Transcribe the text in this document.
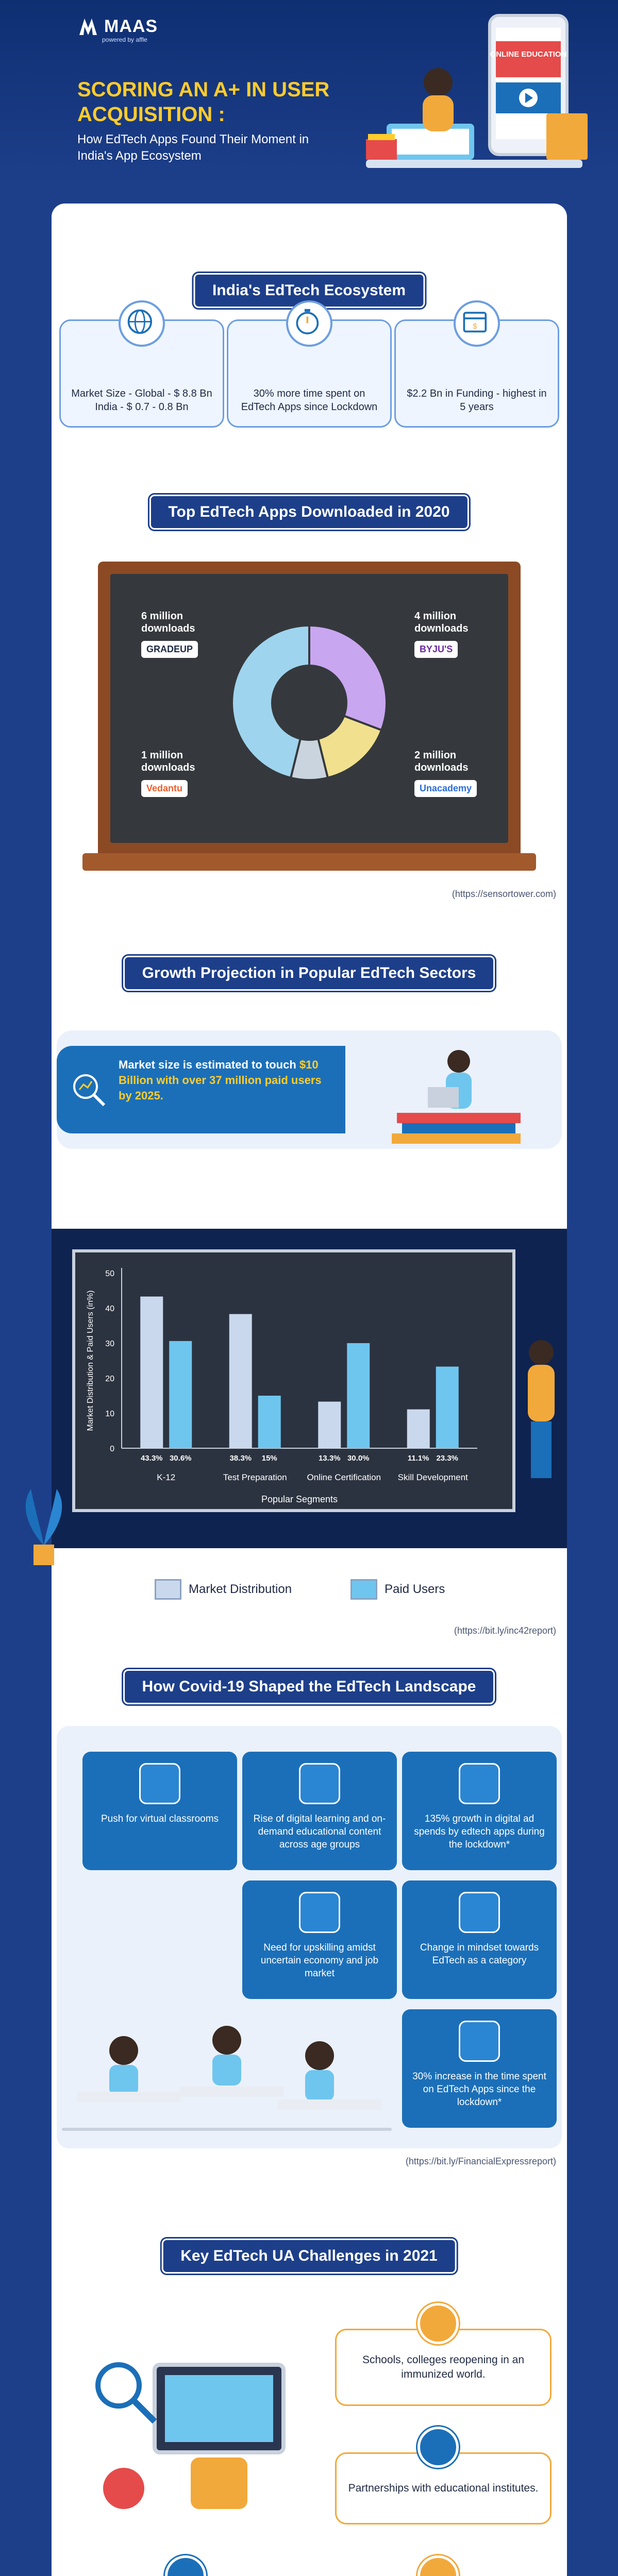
MAAS
powered by affle
SCORING AN A+ IN USER ACQUISITION :
How EdTech Apps Found Their Moment in India's App Ecosystem
ONLINE EDUCATION
India's EdTech Ecosystem
Market Size - Global - $ 8.8 Bn India - $ 0.7 - 0.8 Bn
30% more time spent on EdTech Apps since Lockdown
$
$2.2 Bn in Funding - highest in 5 years
Top EdTech Apps Downloaded in 2020
6 million downloads
GRADEUP
4 million downloads
BYJU'S
1 million downloads
Vedantu
2 million downloads
Unacademy
(https://sensortower.com)
Growth Projection in Popular EdTech Sectors
Market size is estimated to touch $10 Billion with over 37 million paid users by 2025.
0
10
20
30
40
50
Market Distribution & Paid Users (in%)
43.3% 30.6%
K-12
38.3% 15%
Test Preparation
13.3% 30.0%
Online Certification
11.1% 23.3%
Skill Development
Popular Segments
Market Distribution	Paid Users
(https://bit.ly/inc42report)
How Covid-19 Shaped the EdTech Landscape
Push for virtual classrooms	Rise of digital learning and on-demand educational content across age groups
135% growth in digital ad spends by edtech apps during the lockdown*
Need for upskilling amidst uncertain economy and job market
Change in mindset towards EdTech as a category
30% increase in the time spent on EdTech Apps since the lockdown*
(https://bit.ly/FinancialExpressreport)
Key EdTech UA Challenges in 2021
Schools, colleges reopening in an immunized world.
Partnerships with educational institutes.
